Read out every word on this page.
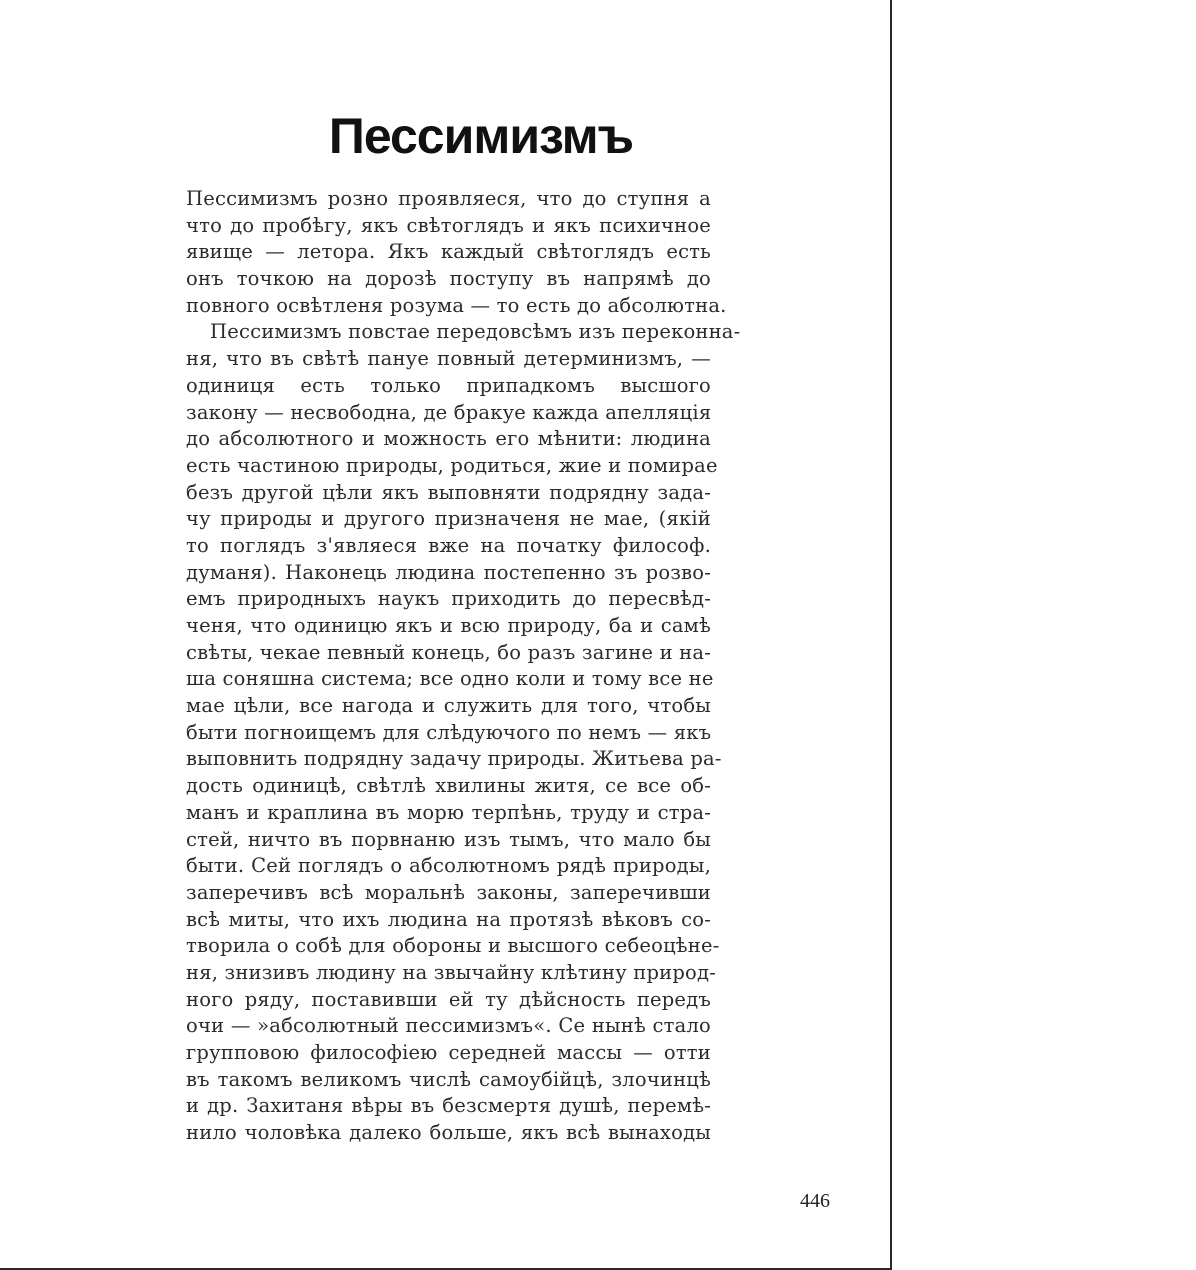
Пессимизмъ
Пессимизмъ розно проявляеся, что до ступня а
что до пробѣгу, якъ свѣтоглядъ и якъ психичное
явище — летора. Якъ каждый свѣтоглядъ есть
онъ точкою на дорозѣ поступу въ напрямѣ до
повного освѣтленя розума — то есть до абсолютна.
Пессимизмъ повстае передовсѣмъ изъ переконна-
ня, что въ свѣтѣ пануе повный детерминизмъ, —
одиниця есть только припадкомъ высшого
закону — несвободна, де бракуе кажда апелляція
до абсолютного и можность его мѣнити: людина
есть частиною природы, родиться, жие и помирае
безъ другой цѣли якъ выповняти подрядну зада-
чу природы и другого призначеня не мае, (якій
то поглядъ з'являеся вже на початку философ.
думаня). Наконець людина постепенно зъ розво-
емъ природныхъ наукъ приходить до пересвѣд-
ченя, что одиницю якъ и всю природу, ба и самѣ
свѣты, чекае певный конець, бо разъ загине и на-
ша соняшна система; все одно коли и тому все не
мае цѣли, все нагода и служить для того, чтобы
быти погноищемъ для слѣдуючого по немъ — якъ
выповнить подрядну задачу природы. Житьева ра-
дость одиницѣ, свѣтлѣ хвилины житя, се все об-
манъ и краплина въ морю терпѣнь, труду и стра-
стей, ничто въ порвнаню изъ тымъ, что мало бы
быти. Сей поглядъ о абсолютномъ рядѣ природы,
заперечивъ всѣ моральнѣ законы, заперечивши
всѣ миты, что ихъ людина на протязѣ вѣковъ со-
творила о собѣ для обороны и высшого себеоцѣне-
ня, знизивъ людину на звычайну клѣтину природ-
ного ряду, поставивши ей ту дѣйсность передъ
очи — »абсолютный пессимизмъ«. Се нынѣ стало
групповою философіею середней массы — отти
въ такомъ великомъ числѣ самоубійцѣ, злочинцѣ
и др. Захитаня вѣры въ безсмертя душѣ, перемѣ-
нило чоловѣка далеко больше, якъ всѣ вынаходы
446
